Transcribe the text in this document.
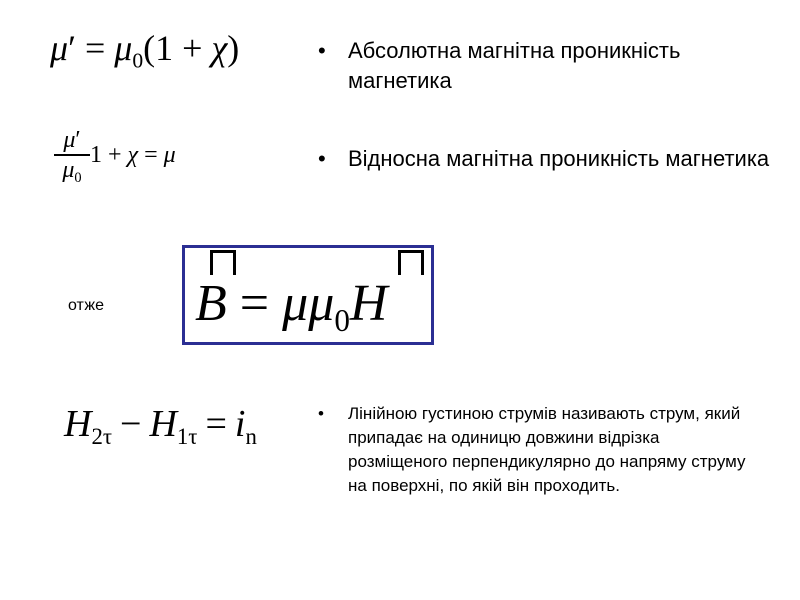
$\mu' = \mu_0(1 + \chi)$
μ′
$\mu_0$
1 + χ = μ
отже $B = \mu\mu_0H$
$H_{2\tau} - H_{1\tau} = i_n$
•	Абсолютна магнітна проникність магнетика
•	Відносна магнітна проникність магнетика
•	Лінійною густиною струмів називають струм, який припадає на одиницю довжини відрізка розміщеного перпендикулярно до напряму струму на поверхні, по якій він проходить.
